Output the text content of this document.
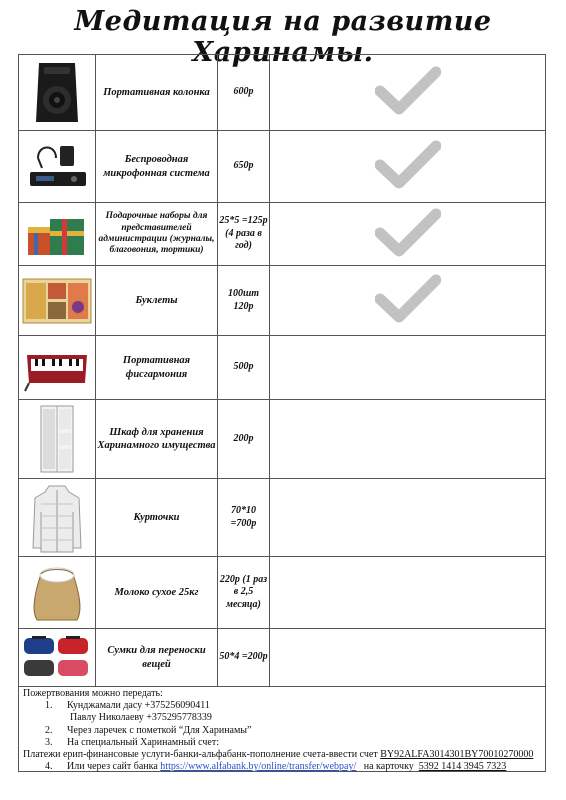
Медитация на развитие Харинамы.
	Портативная колонка	600р	

	Беспроводная микрофонная система	650р	

	Подарочные наборы для представителей администрации (журналы, благовония, тортики)	25*5 =125р (4 раза в год)	

	Буклеты	100шт 120р	

	Портативная фисгармония	500р	

	Шкаф для хранения Харинамного имущества	200р	

	Курточки	70*10 =700р	

	Молоко сухое 25кг	220р (1 раз в 2,5 месяца)	

	Сумки для переноски вещей	50*4 =200р	
Пожертвования можно передать:
1. Кунджамали дасу +375256090411
Павлу Николаеву +375295778339
2. Через ларечек с пометкой “Для Харинамы”
3. На специальный Харинамный счет:
Платежи ерип-финансовые услуги-банки-альфабанк-пополнение счета-ввести счет BY92ALFA3014301BY70010270000
4. Или через сайт банка https://www.alfabank.by/online/transfer/webpay/ на карточку 5392 1414 3945 7323
